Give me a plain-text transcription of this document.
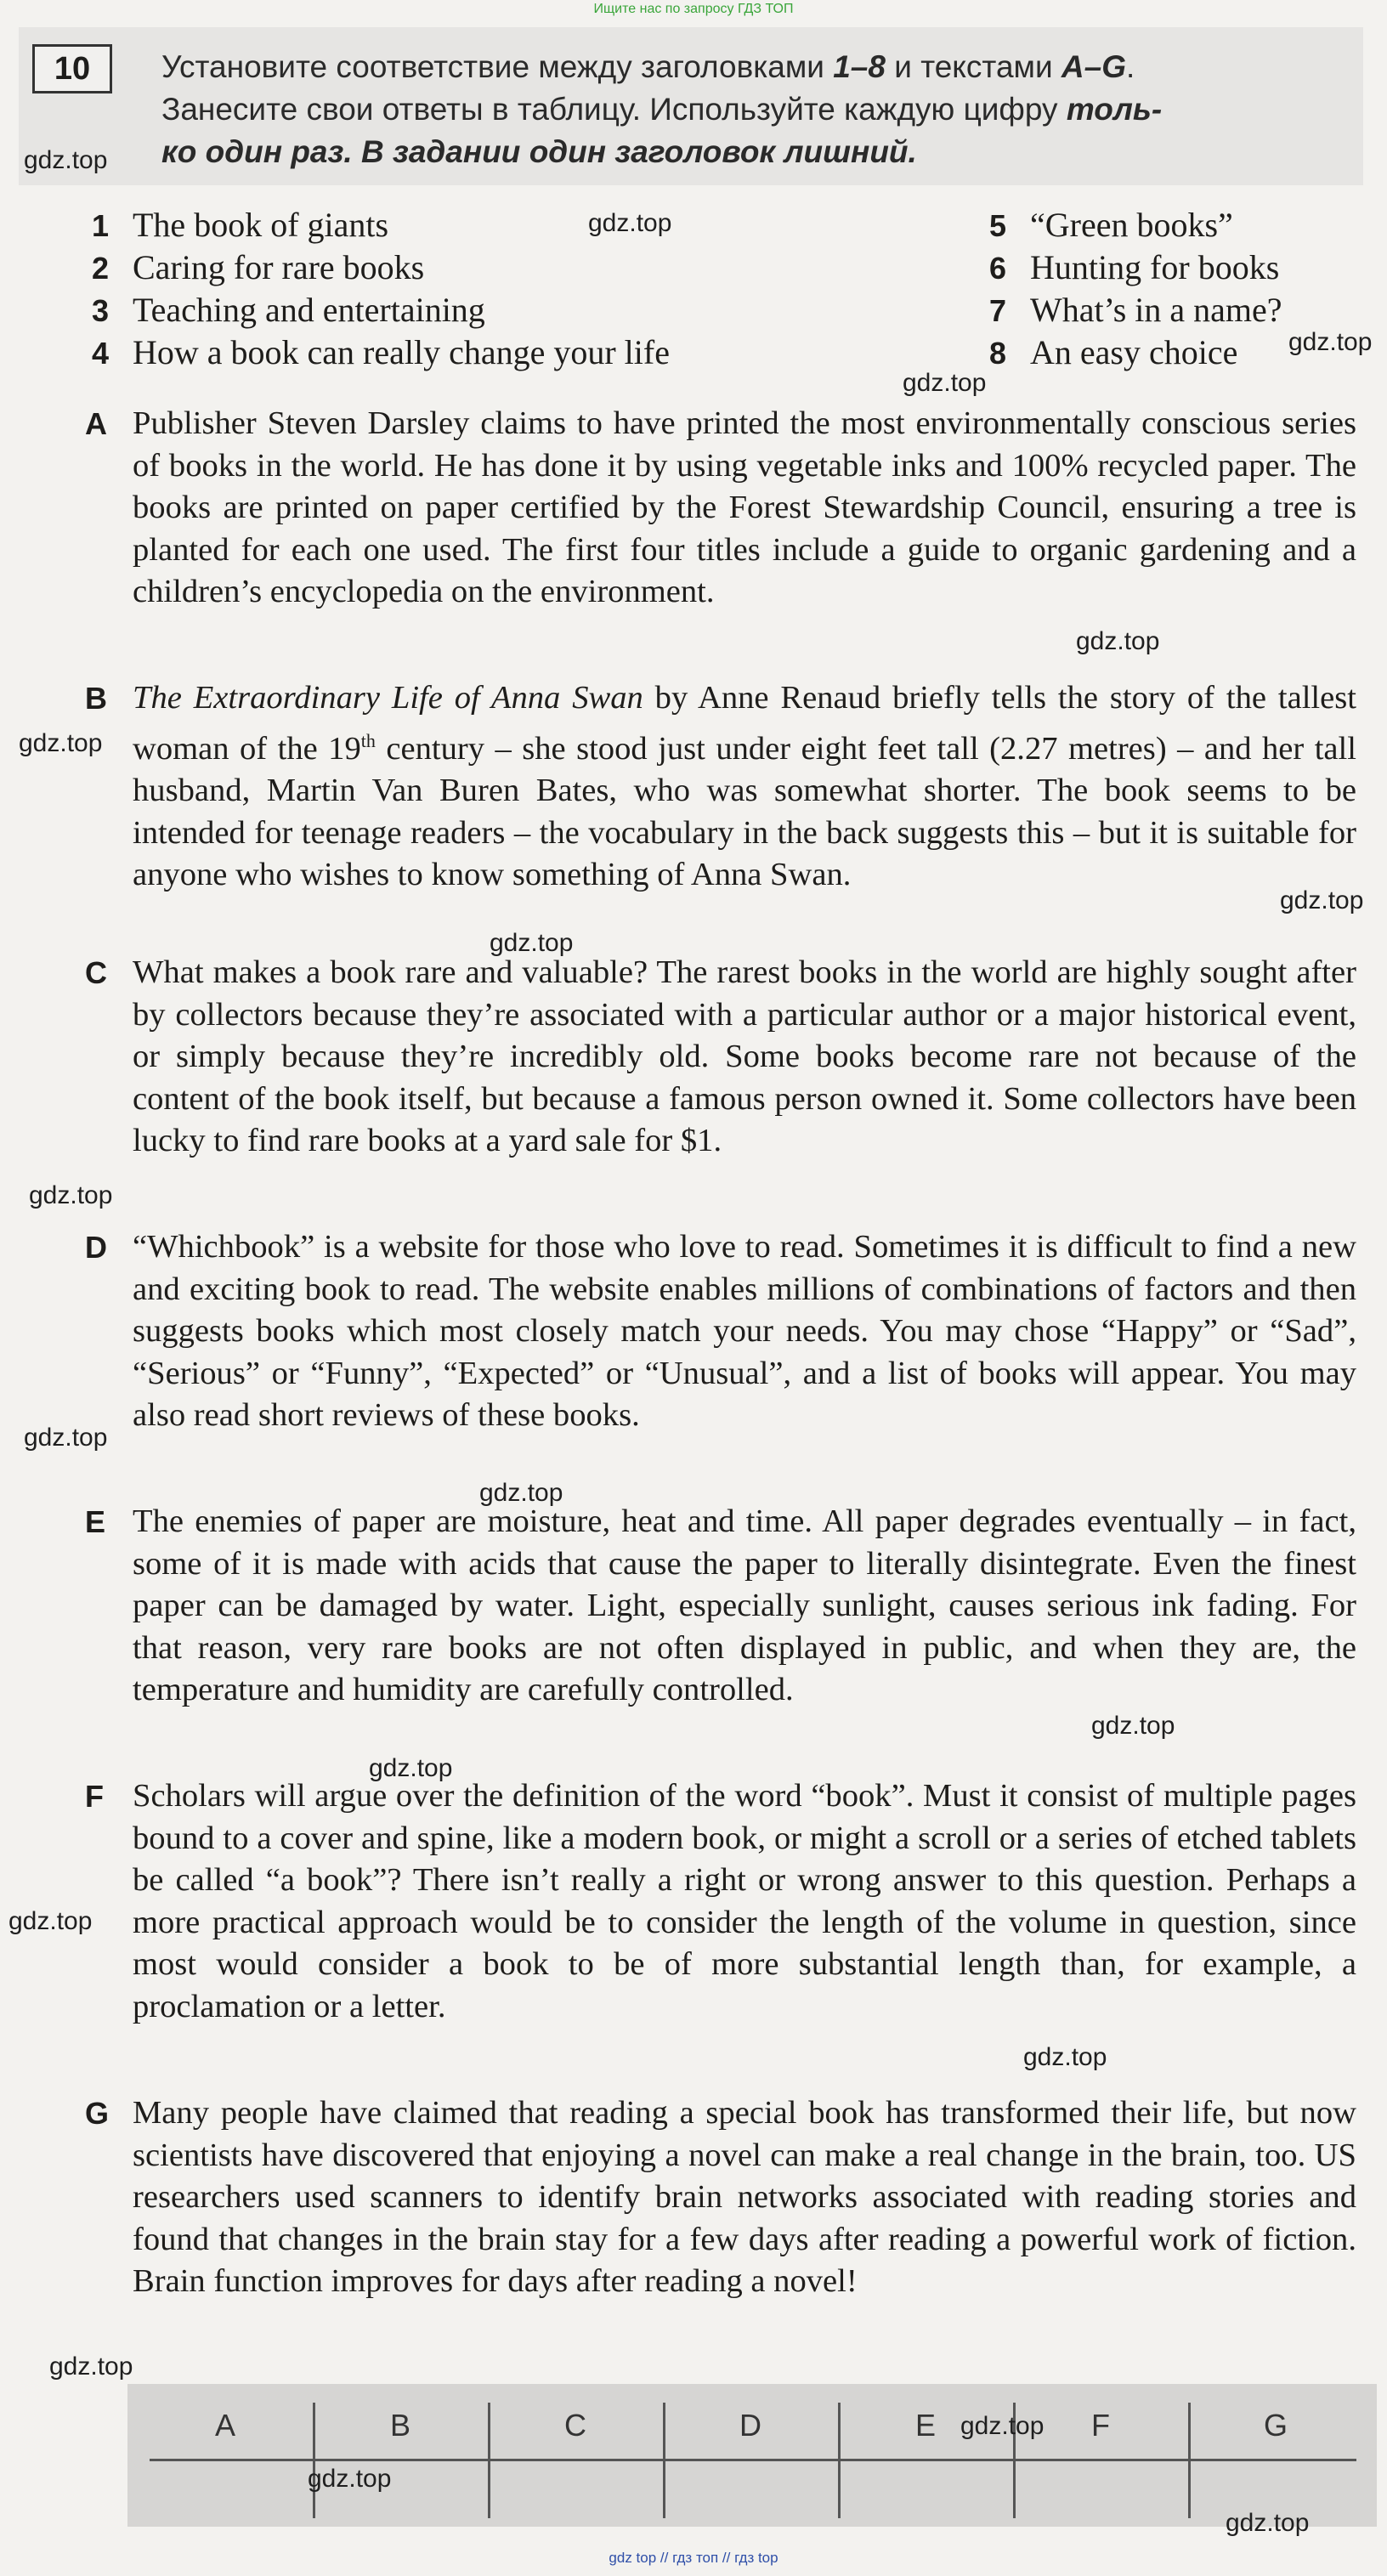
Ищите нас по запросу ГДЗ ТОП
10	Установите соответствие между заголовками 1–8 и текстами A–G.
Занесите свои ответы в таблицу. Используйте каждую цифру толь-
ко один раз. В задании один заголовок лишний.
1 The book of giants
2 Caring for rare books
3 Teaching and entertaining
4 How a book can really change your life
5 “Green books”
6 Hunting for books
7 What’s in a name?
8 An easy choice
A Publisher Steven Darsley claims to have printed the most environmentally conscious series of books in the world. He has done it by using vegetable inks and 100% recycled paper. The books are printed on paper certified by the Forest Stewardship Council, ensuring a tree is planted for each one used. The first four titles include a guide to organic gardening and a children’s encyclopedia on the environment.
B The Extraordinary Life of Anna Swan by Anne Renaud briefly tells the story of the tallest woman of the 19th century – she stood just under eight feet tall (2.27 metres) – and her tall husband, Martin Van Buren Bates, who was somewhat shorter. The book seems to be intended for teenage readers – the vocabulary in the back suggests this – but it is suitable for anyone who wishes to know something of Anna Swan.
C What makes a book rare and valuable? The rarest books in the world are highly sought after by collectors because they’re associated with a particular author or a major historical event, or simply because they’re incredibly old. Some books become rare not because of the content of the book itself, but because a famous person owned it. Some collectors have been lucky to find rare books at a yard sale for $1.
D “Whichbook” is a website for those who love to read. Sometimes it is difficult to find a new and exciting book to read. The website enables millions of combinations of factors and then suggests books which most closely match your needs. You may chose “Happy” or “Sad”, “Serious” or “Funny”, “Expected” or “Unusual”, and a list of books will appear. You may also read short reviews of these books.
E The enemies of paper are moisture, heat and time. All paper degrades eventually – in fact, some of it is made with acids that cause the paper to literally disintegrate. Even the finest paper can be damaged by water. Light, especially sunlight, causes serious ink fading. For that reason, very rare books are not often displayed in public, and when they are, the temperature and humidity are carefully controlled.
F Scholars will argue over the definition of the word “book”. Must it consist of multiple pages bound to a cover and spine, like a modern book, or might a scroll or a series of etched tablets be called “a book”? There isn’t really a right or wrong answer to this question. Perhaps a more practical approach would be to consider the length of the volume in question, since most would consider a book to be of more substantial length than, for example, a proclamation or a letter.
G Many people have claimed that reading a special book has transformed their life, but now scientists have discovered that enjoying a novel can make a real change in the brain, too. US researchers used scanners to identify brain networks associated with reading stories and found that changes in the brain stay for a few days after reading a powerful work of fiction. Brain function improves for days after reading a novel!
A	B	C	D	E	F	G
gdz.top
gdz.top
gdz.top
gdz.top
gdz.top
gdz.top
gdz.top
gdz.top
gdz.top
gdz.top
gdz.top
gdz.top
gdz.top
gdz.top
gdz.top
gdz.top
gdz.top
gdz.top
gdz.top
gdz top // гдз топ // гдз top
